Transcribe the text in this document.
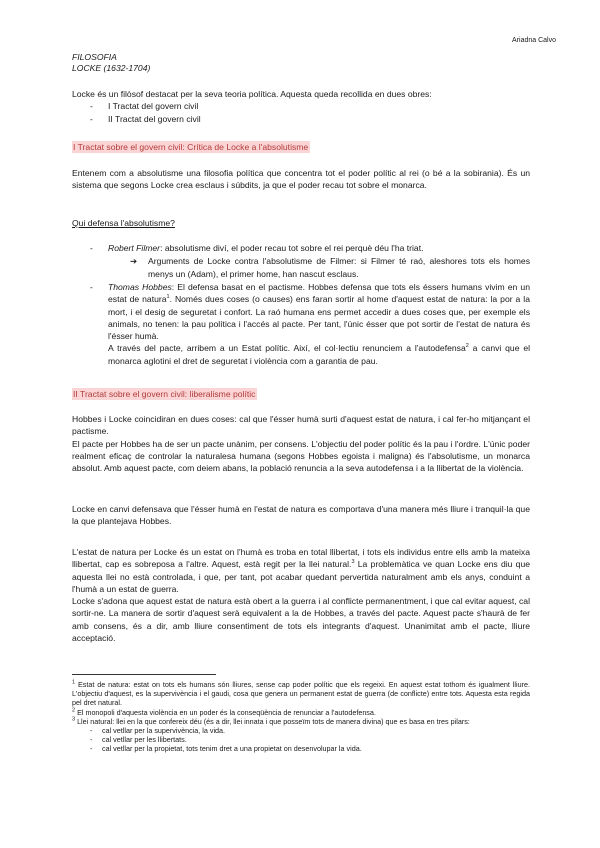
Ariadna Calvo
FILOSOFIA
LOCKE (1632-1704)
Locke és un filòsof destacat per la seva teoria política. Aquesta queda recollida en dues obres:
-	I Tractat del govern civil
-	II Tractat del govern civil
I Tractat sobre el govern civil: Crítica de Locke a l'absolutisme
Entenem com a absolutisme una filosofia política que concentra tot el poder polític al rei (o bé a la sobirania). És un sistema que segons Locke crea esclaus i súbdits, ja que el poder recau tot sobre el monarca.
Qui defensa l'absolutisme?
-	Robert Filmer: absolutisme diví, el poder recau tot sobre el rei perquè déu l'ha triat.
➔	Arguments de Locke contra l'absolutisme de Filmer: si Filmer té raó, aleshores tots els homes menys un (Adam), el primer home, han nascut esclaus.
-	Thomas Hobbes: El defensa basat en el pactisme. Hobbes defensa que tots els éssers humans vivim en un estat de natura$^1$. Només dues coses (o causes) ens faran sortir al home d'aquest estat de natura: la por a la mort, i el desig de seguretat i confort. La raó humana ens permet accedir a dues coses que, per exemple els animals, no tenen: la pau política i l'accés al pacte. Per tant, l'únic ésser que pot sortir de l'estat de natura és l'ésser humà.
A través del pacte, arribem a un Estat polític. Així, el col·lectiu renunciem a l'autodefensa$^2$ a canvi que el monarca aglotini el dret de seguretat i violència com a garantia de pau.
II Tractat sobre el govern civil: liberalisme polític
Hobbes i Locke coincidiran en dues coses: cal que l'ésser humà surti d'aquest estat de natura, i cal fer-ho mitjançant el pactisme.
El pacte per Hobbes ha de ser un pacte unànim, per consens. L'objectiu del poder polític és la pau i l'ordre. L'únic poder realment eficaç de controlar la naturalesa humana (segons Hobbes egoista i maligna) és l'absolutisme, un monarca absolut. Amb aquest pacte, com deiem abans, la població renuncia a la seva autodefensa i a la llibertat de la violència.
Locke en canvi defensava que l'ésser humà en l'estat de natura es comportava d'una manera més lliure i tranquil·la que la que plantejava Hobbes.
L'estat de natura per Locke és un estat on l'humà es troba en total llibertat, i tots els individus entre ells amb la mateixa llibertat, cap es sobreposa a l'altre. Aquest, està regit per la llei natural.$^3$ La problemàtica ve quan Locke ens diu que aquesta llei no està controlada, i que, per tant, pot acabar quedant pervertida naturalment amb els anys, conduint a l'humà a un estat de guerra.
Locke s'adona que aquest estat de natura està obert a la guerra i al conflicte permanentment, i que cal evitar aquest, cal sortir-ne. La manera de sortir d'aquest serà equivalent a la de Hobbes, a través del pacte. Aquest pacte s'haurà de fer amb consens, és a dir, amb lliure consentiment de tots els integrants d'aquest. Unanimitat amb el pacte, lliure acceptació.
$^1$ Estat de natura: estat on tots els humans són lliures, sense cap poder polític que els regeixi. En aquest estat tothom és igualment lliure. L'objectiu d'aquest, es la supervivència i el gaudi, cosa que genera un permanent estat de guerra (de conflicte) entre tots. Aquesta esta regida pel dret natural.
$^2$ El monopoli d'aquesta violència en un poder és la conseqüència de renunciar a l'autodefensa.
$^3$ Llei natural: llei en la que confereix déu (és a dir, llei innata i que posseïm tots de manera divina) que es basa en tres pilars:
- cal vetllar per la supervivència, la vida.
- cal vetllar per les llibertats.
- cal vetllar per la propietat, tots tenim dret a una propietat on desenvolupar la vida.
